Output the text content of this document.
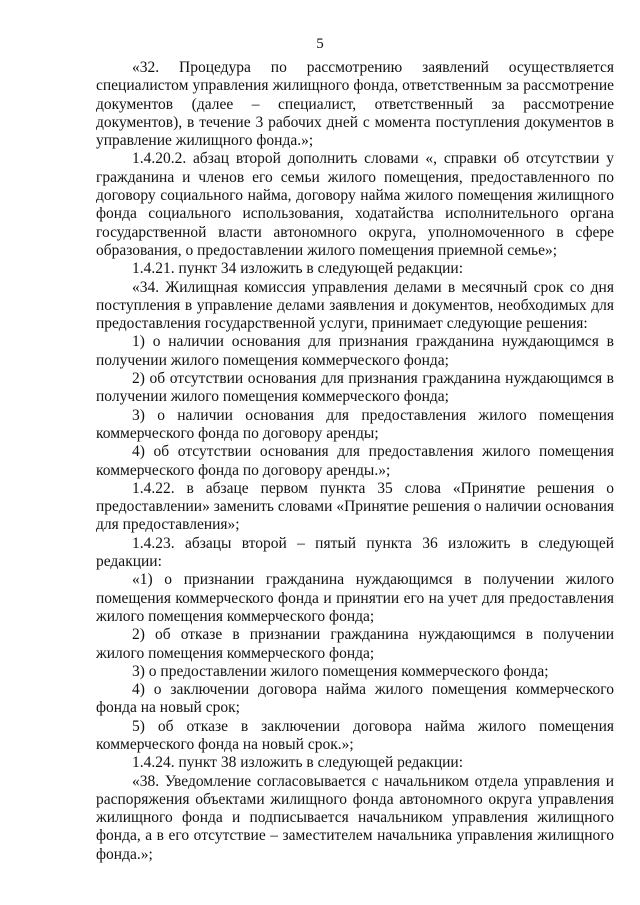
5

«32. Процедура по рассмотрению заявлений осуществляется специалистом управления жилищного фонда, ответственным за рассмотрение документов (далее – специалист, ответственный за рассмотрение документов), в течение 3 рабочих дней с момента поступления документов в управление жилищного фонда.»;

1.4.20.2. абзац второй дополнить словами «, справки об отсутствии у гражданина и членов его семьи жилого помещения, предоставленного по договору социального найма, договору найма жилого помещения жилищного фонда социального использования, ходатайства исполнительного органа государственной власти автономного округа, уполномоченного в сфере образования, о предоставлении жилого помещения приемной семье»;

1.4.21. пункт 34 изложить в следующей редакции:

«34. Жилищная комиссия управления делами в месячный срок со дня поступления в управление делами заявления и документов, необходимых для предоставления государственной услуги, принимает следующие решения:

1) о наличии основания для признания гражданина нуждающимся в получении жилого помещения коммерческого фонда;

2) об отсутствии основания для признания гражданина нуждающимся в получении жилого помещения коммерческого фонда;

3) о наличии основания для предоставления жилого помещения коммерческого фонда по договору аренды;

4) об отсутствии основания для предоставления жилого помещения коммерческого фонда по договору аренды.»;

1.4.22. в абзаце первом пункта 35 слова «Принятие решения о предоставлении» заменить словами «Принятие решения о наличии основания для предоставления»;

1.4.23. абзацы второй – пятый пункта 36 изложить в следующей редакции:

«1) о признании гражданина нуждающимся в получении жилого помещения коммерческого фонда и принятии его на учет для предоставления жилого помещения коммерческого фонда;

2) об отказе в признании гражданина нуждающимся в получении жилого помещения коммерческого фонда;

3) о предоставлении жилого помещения коммерческого фонда;

4) о заключении договора найма жилого помещения коммерческого фонда на новый срок;

5) об отказе в заключении договора найма жилого помещения коммерческого фонда на новый срок.»;

1.4.24. пункт 38 изложить в следующей редакции:

«38. Уведомление согласовывается с начальником отдела управления и распоряжения объектами жилищного фонда автономного округа управления жилищного фонда и подписывается начальником управления жилищного фонда, а в его отсутствие – заместителем начальника управления жилищного фонда.»;
